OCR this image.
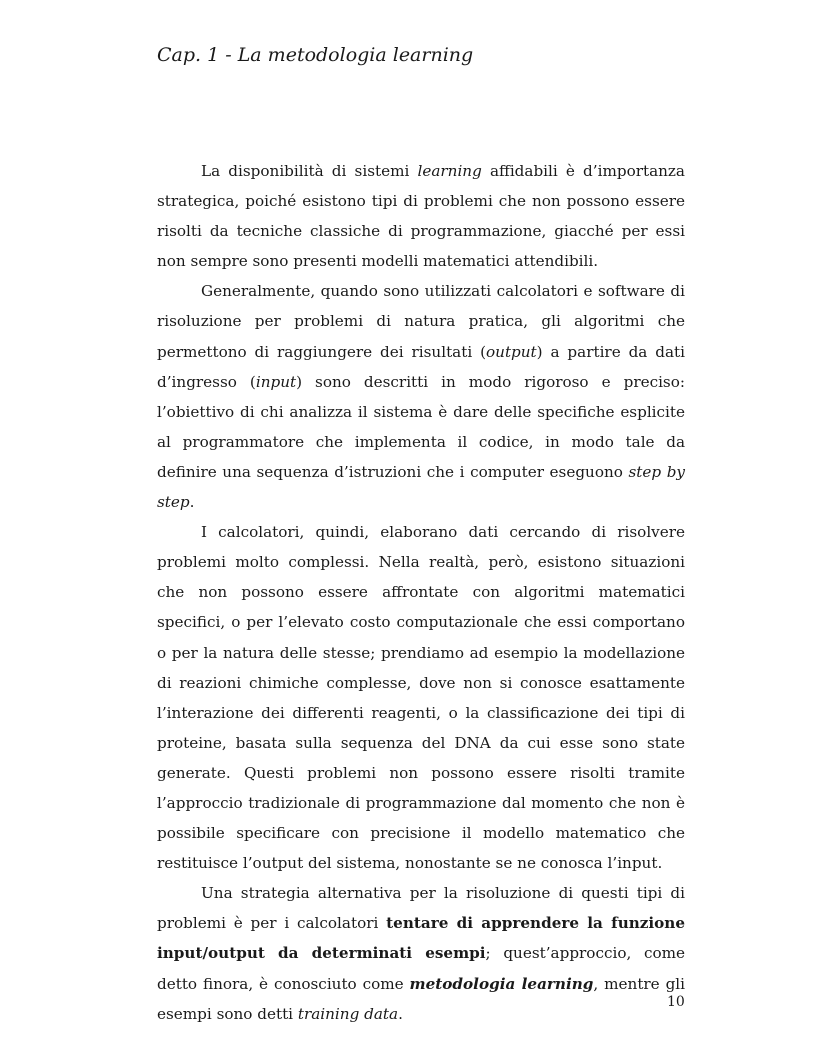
Cap. 1 - La metodologia learning

La disponibilità di sistemi learning affidabili è d’importanza strategica, poiché esistono tipi di problemi che non possono essere risolti da tecniche classiche di programmazione, giacché per essi non sempre sono presenti modelli matematici attendibili.

Generalmente, quando sono utilizzati calcolatori e software di risoluzione per problemi di natura pratica, gli algoritmi che permettono di raggiungere dei risultati (output) a partire da dati d’ingresso (input) sono descritti in modo rigoroso e preciso: l’obiettivo di chi analizza il sistema è dare delle specifiche esplicite al programmatore che implementa il codice, in modo tale da definire una sequenza d’istruzioni che i computer eseguono step by step.

I calcolatori, quindi, elaborano dati cercando di risolvere problemi molto complessi. Nella realtà, però, esistono situazioni che non possono essere affrontate con algoritmi matematici specifici, o per l’elevato costo computazionale che essi comportano o per la natura delle stesse; prendiamo ad esempio la modellazione di reazioni chimiche complesse, dove non si conosce esattamente l’interazione dei differenti reagenti, o la classificazione dei tipi di proteine, basata sulla sequenza del DNA da cui esse sono state generate. Questi problemi non possono essere risolti tramite l’approccio tradizionale di programmazione dal momento che non è possibile specificare con precisione il modello matematico che restituisce l’output del sistema, nonostante se ne conosca l’input.

Una strategia alternativa per la risoluzione di questi tipi di problemi è per i calcolatori tentare di apprendere la funzione input/output da determinati esempi; quest’approccio, come detto finora, è conosciuto come metodologia learning, mentre gli esempi sono detti training data.

10
